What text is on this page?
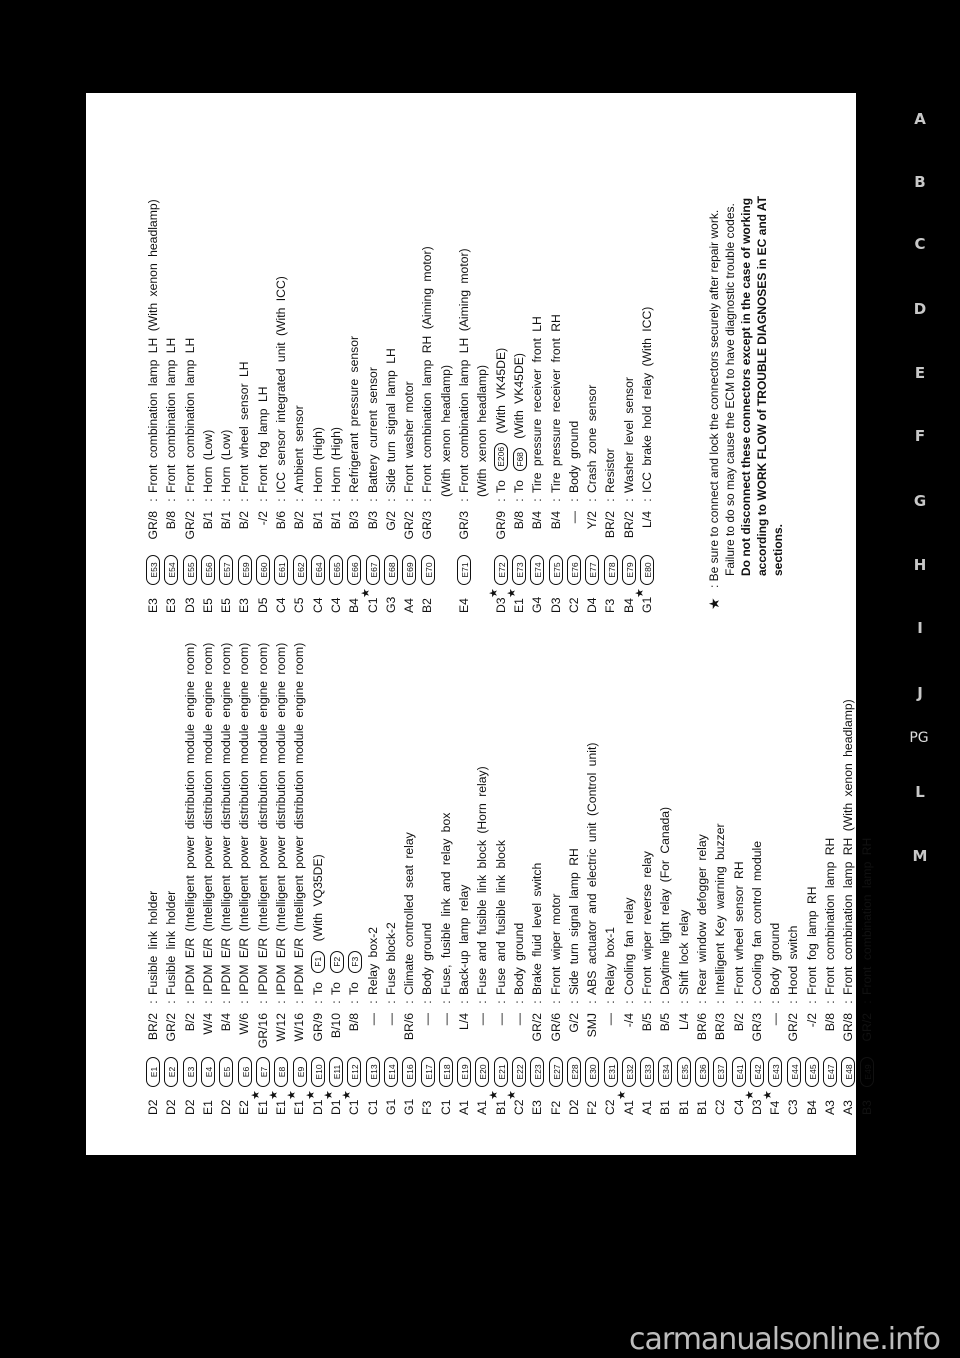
D2
E1
BR/2
:
Fusible link holder
D2
E2
GR/2
:
Fusible link holder
D2
E3
B/2
:
IPDM E/R (Intelligent power distribution module engine room)
E1
E4
W/4
:
IPDM E/R (Intelligent power distribution module engine room)
D2
E5
B/4
:
IPDM E/R (Intelligent power distribution module engine room)
E2
E6
W/6
:
IPDM E/R (Intelligent power distribution module engine room)
E1
★
E7
GR/16
:
IPDM E/R (Intelligent power distribution module engine room)
E1
★
E8
W/12
:
IPDM E/R (Intelligent power distribution module engine room)
E1
★
E9
W/16
:
IPDM E/R (Intelligent power distribution module engine room)
D1
★
E10
GR/9
:
To F1 (With VQ35DE)
D1
★
E11
B/10
:
To F2
C1
★
E12
B/8
:
To F3
C1
E13
—
:
Relay box-2
G1
E14
—
:
Fuse block-2
G1
E16
BR/6
:
Climate controlled seat relay
F3
E17
—
:
Body ground
C1
E18
—
:
Fuse, fusible link and relay box
A1
E19
L/4
:
Back-up lamp relay
A1
E20
—
:
Fuse and fusible link block (Horn relay)
B1
★
E21
—
:
Fuse and fusible link block
C2
★
E22
—
:
Body ground
E3
E23
GR/2
:
Brake fluid level switch
F2
E27
GR/6
:
Front wiper motor
D2
E28
G/2
:
Side turn signal lamp RH
F2
E30
SMJ
:
ABS actuator and electric unit (Control unit)
C2
E31
—
:
Relay box-1
A1
★
E32
-/4
:
Cooling fan relay
A1
E33
B/5
:
Front wiper reverse relay
B1
E34
B/5
:
Daytime light relay (For Canada)
B1
E35
L/4
:
Shift lock relay
B1
E36
BR/6
:
Rear window defogger relay
C2
E37
BR/3
:
Intelligent Key warning buzzer
C4
E41
B/2
:
Front wheel sensor RH
D3
★
E42
GR/3
:
Cooling fan control module
F4
★
E43
—
:
Body ground
C3
E44
GR/2
:
Hood switch
B4
E45
-/2
:
Front fog lamp RH
A3
E47
B/8
:
Front combination lamp RH
A3
E48
GR/8
:
Front combination lamp RH (With xenon headlamp)
B3
E49
GR/2
:
Front combination lamp RH
E3
E53
GR/8
:
Front combination lamp LH (With xenon headlamp)
E3
E54
B/8
:
Front combination lamp LH
D3
E55
GR/2
:
Front combination lamp LH
E5
E56
B/1
:
Horn (Low)
E5
E57
B/1
:
Horn (Low)
E3
E59
B/2
:
Front wheel sensor LH
D5
E60
-/2
:
Front fog lamp LH
C4
E61
B/6
:
ICC sensor integrated unit (With ICC)
C5
E62
B/2
:
Ambient sensor
C4
E64
B/1
:
Horn (High)
C4
E65
B/1
:
Horn (High)
B4
E66
B/3
:
Refrigerant pressure sensor
C1
★
E67
B/3
:
Battery current sensor
G3
E68
G/2
:
Side turn signal lamp LH
A4
E69
GR/2
:
Front washer motor
B2
E70
GR/3
:
Front combination lamp RH (Aiming motor) (With xenon headlamp)
E4
E71
GR/3
:
Front combination lamp LH (Aiming motor) (With xenon headlamp)
D3
★
E72
GR/9
:
To E206 (With VK45DE)
E1
★
E73
B/8
:
To F68 (With VK45DE)
G4
E74
B/4
:
Tire pressure receiver front LH
D3
E75
B/4
:
Tire pressure receiver front RH
C2
E76
—
:
Body ground
D4
E77
Y/2
:
Crash zone sensor
F3
E78
BR/2
:
Resistor
B4
E79
BR/2
:
Washer level sensor
G1
★
E80
L/4
:
ICC brake hold relay (With ICC)
★

: Be sure to connect and lock the connectors securely after repair work. Failure to do so may cause the ECM to have diagnostic trouble codes. Do not disconnect these connectors except in the case of working according to WORK FLOW of TROUBLE DIAGNOSES in EC and AT sections.

A
B
C
D
E
F
G
H
I
J
PG
L
M
carmanualsonline.info
